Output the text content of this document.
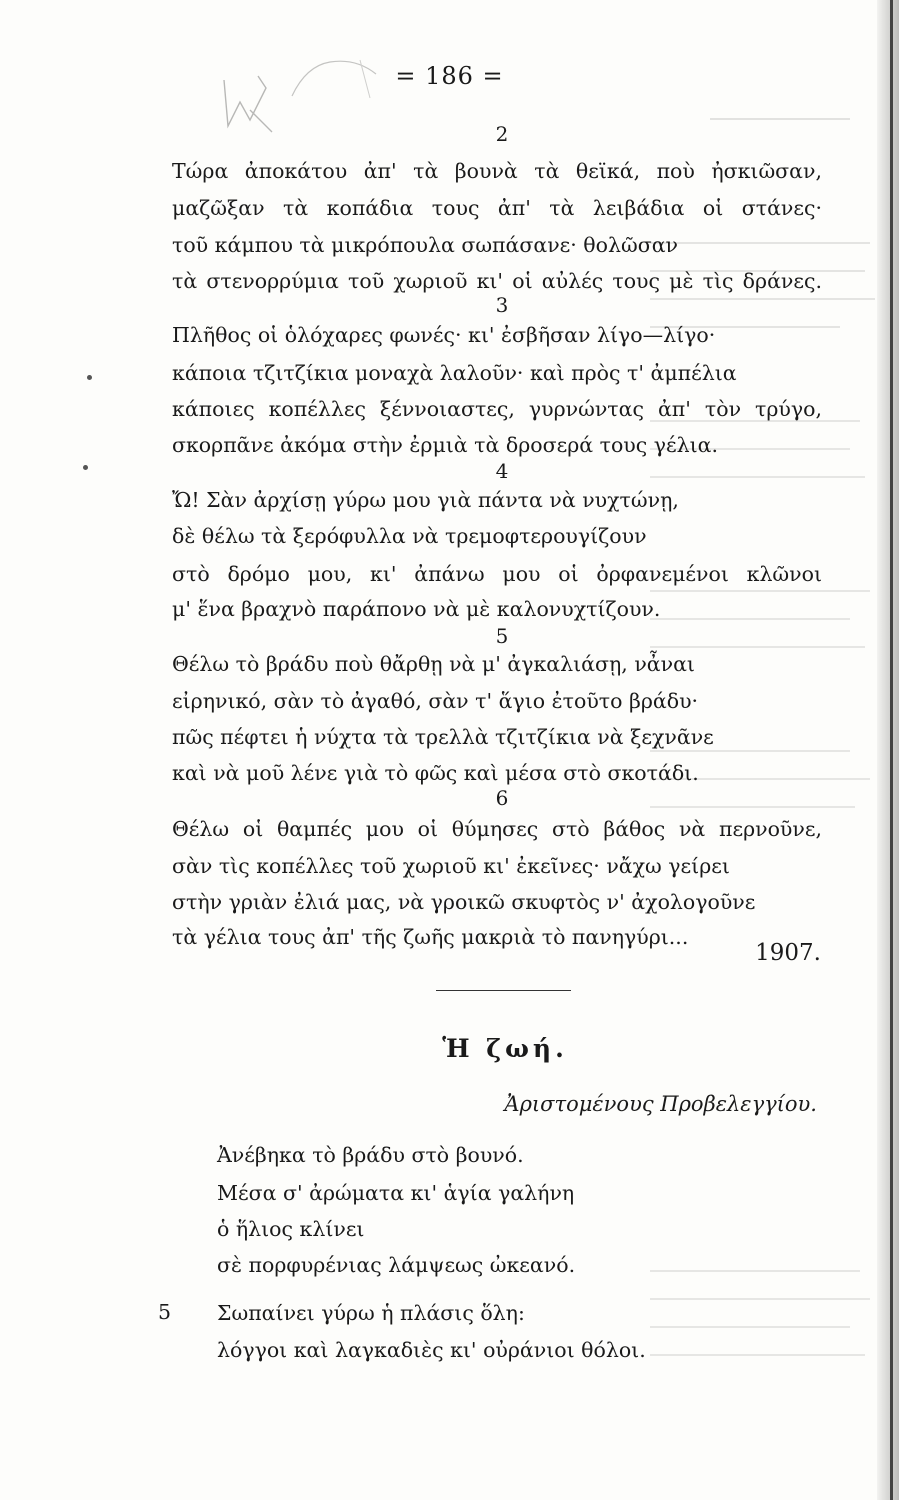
= 186 =
2
Τώρα ἀποκάτου ἀπ' τὰ βουνὰ τὰ θεϊκά, ποὺ ἠσκιῶσαν,
μαζῶξαν τὰ κοπάδια τους ἀπ' τὰ λειβάδια οἱ στάνες·
τοῦ κάμπου τὰ μικρόπουλα σωπάσανε· θολῶσαν
τὰ στενορρύμια τοῦ χωριοῦ κι' οἱ αὐλές τους μὲ τὶς δράνες.
3
Πλῆθος οἱ ὁλόχαρες φωνές· κι' ἐσβῆσαν λίγο—λίγο·
κάποια τζιτζίκια μοναχὰ λαλοῦν· καὶ πρὸς τ' ἀμπέλια
κάποιες κοπέλλες ξέννοιαστες, γυρνώντας ἀπ' τὸν τρύγο,
σκορπᾶνε ἀκόμα στὴν ἐρμιὰ τὰ δροσερά τους γέλια.
4
Ὤ! Σὰν ἀρχίσῃ γύρω μου γιὰ πάντα νὰ νυχτώνῃ,
δὲ θέλω τὰ ξερόφυλλα νὰ τρεμοφτερουγίζουν
στὸ δρόμο μου, κι' ἀπάνω μου οἱ ὀρφανεμένοι κλῶνοι
μ' ἕνα βραχνὸ παράπονο νὰ μὲ καλονυχτίζουν.
5
Θέλω τὸ βράδυ ποὺ θἄρθῃ νὰ μ' ἀγκαλιάσῃ, νἆναι
εἰρηνικό, σὰν τὸ ἀγαθό, σὰν τ' ἅγιο ἐτοῦτο βράδυ·
πῶς πέφτει ἡ νύχτα τὰ τρελλὰ τζιτζίκια νὰ ξεχνᾶνε
καὶ νὰ μοῦ λένε γιὰ τὸ φῶς καὶ μέσα στὸ σκοτάδι.
6
Θέλω οἱ θαμπές μου οἱ θύμησες στὸ βάθος νὰ περνοῦνε,
σὰν τὶς κοπέλλες τοῦ χωριοῦ κι' ἐκεῖνες· νἄχω γείρει
στὴν γριὰν ἐλιά μας, νὰ γροικῶ σκυφτὸς ν' ἀχολογοῦνε
τὰ γέλια τους ἀπ' τῆς ζωῆς μακριὰ τὸ πανηγύρι...
1907.
Ἡ ζωή.
Ἀριστομένους Προβελεγγίου.
Ἀνέβηκα τὸ βράδυ στὸ βουνό.
Μέσα σ' ἀρώματα κι' ἁγία γαλήνη
ὁ ἥλιος κλίνει
σὲ πορφυρένιας λάμψεως ὠκεανό.
5 Σωπαίνει γύρω ἡ πλάσις ὅλη:
λόγγοι καὶ λαγκαδιὲς κι' οὐράνιοι θόλοι.
